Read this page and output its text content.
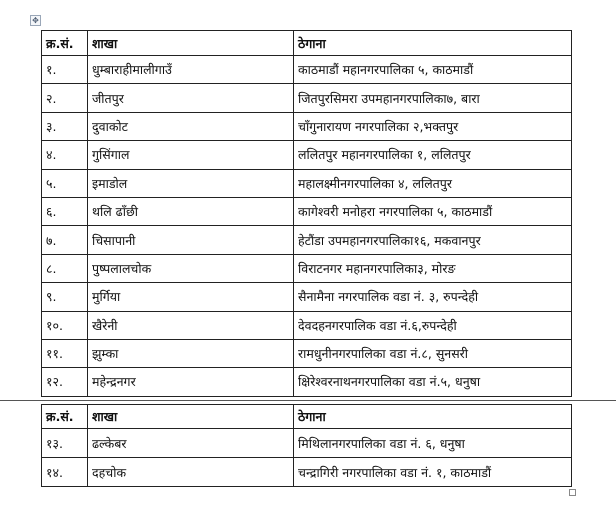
✥
क्र.सं.	शाखा	ठेगाना
१.	धुम्बाराहीमालीगाउँ	काठमाडौं महानगरपालिका ५, काठमाडौं
२.	जीतपुर	जितपुरसिमरा उपमहानगरपालिका७, बारा
३.	दुवाकोट	चाँगुनारायण नगरपालिका २,भक्तपुर
४.	गुसिंगाल	ललितपुर महानगरपालिका १, ललितपुर
५.	इमाडोल	महालक्ष्मीनगरपालिका ४, ललितपुर
६.	थलि ढाँछी	कागेश्वरी मनोहरा नगरपालिका ५, काठमाडौं
७.	चिसापानी	हेटौंडा उपमहानगरपालिका१६, मकवानपुर
८.	पुष्पलालचोक	विराटनगर महानगरपालिका३, मोरङ
९.	मुर्गिया	सैनामैना नगरपालिक वडा नं. ३, रुपन्देही
१०.	खैरेनी	देवदहनगरपालिक वडा नं.६,रुपन्देही
११.	झुम्का	रामधुनीनगरपालिका वडा नं.८, सुनसरी
१२.	महेन्द्रनगर	क्षिरेश्वरनाथनगरपालिका वडा नं.५, धनुषा
क्र.सं.	शाखा	ठेगाना
१३.	ढल्केबर	मिथिलानगरपालिका वडा नं. ६, धनुषा
१४.	दहचोक	चन्द्रागिरी नगरपालिका वडा नं. १, काठमाडौं
